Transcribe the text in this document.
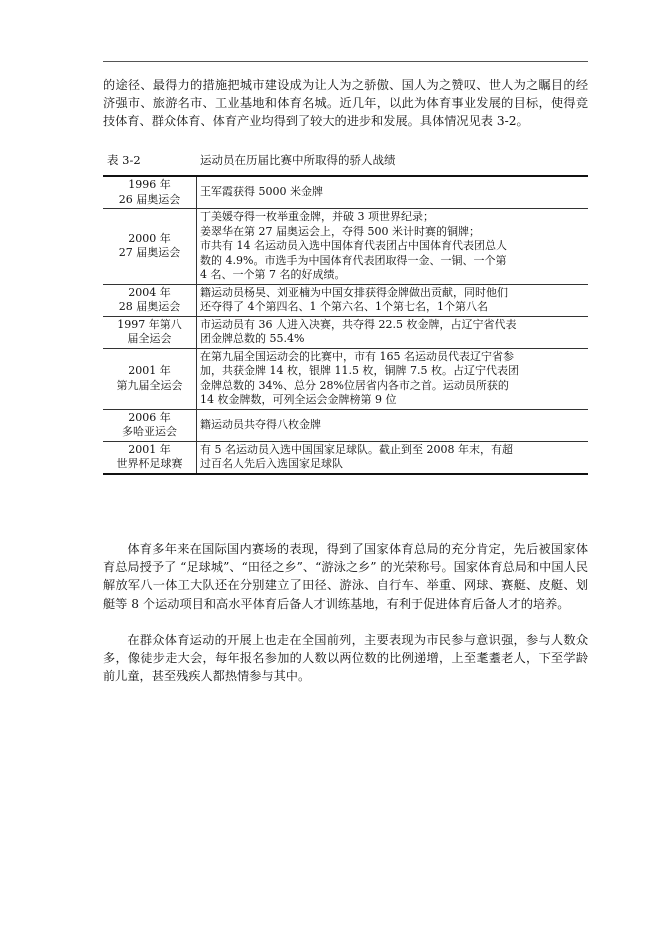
的途径、最得力的措施把城市建设成为让人为之骄傲、国人为之赞叹、世人为之瞩目的经济强市、旅游名市、工业基地和体育名城。近几年，以此为体育事业发展的目标，使得竞技体育、群众体育、体育产业均得到了较大的进步和发展。具体情况见表 3-2。
表 3-2	运动员在历届比赛中所取得的骄人战绩
1996 年
26 届奥运会	王军霞获得 5000 米金牌

2000 年
27 届奥运会	丁美媛夺得一枚举重金牌，并破 3 项世界纪录；
姜翠华在第 27 届奥运会上，夺得 500 米计时赛的铜牌；
市共有 14 名运动员入选中国体育代表团占中国体育代表团总人
数的 4.9%。市选手为中国体育代表团取得一金、一铜、一个第
4 名、一个第 7 名的好成绩。

2004 年
28 届奥运会	籍运动员杨昊、刘亚楠为中国女排获得金牌做出贡献，同时他们
还夺得了 4个第四名、1 个第六名、1个第七名，1个第八名

1997 年第八
届全运会	市运动员有 36 人进入决赛，共夺得 22.5 枚金牌，占辽宁省代表
团金牌总数的 55.4%

2001 年
第九届全运会	在第九届全国运动会的比赛中，市有 165 名运动员代表辽宁省参
加，共获金牌 14 枚，银牌 11.5 枚，铜牌 7.5 枚。占辽宁代表团
金牌总数的 34%、总分 28%位居省内各市之首。运动员所获的
14 枚金牌数，可列全运会金牌榜第 9 位

2006 年
多哈亚运会	籍运动员共夺得八枚金牌

2001 年
世界杯足球赛	有 5 名运动员入选中国国家足球队。截止到至 2008 年末，有超
过百名人先后入选国家足球队
体育多年来在国际国内赛场的表现，得到了国家体育总局的充分肯定，先后被国家体育总局授予了 “足球城”、“田径之乡”、“游泳之乡” 的光荣称号。国家体育总局和中国人民解放军八一体工大队还在分别建立了田径、游泳、自行车、举重、网球、赛艇、皮艇、划艇等 8 个运动项目和高水平体育后备人才训练基地，有利于促进体育后备人才的培养。
在群众体育运动的开展上也走在全国前列，主要表现为市民参与意识强，参与人数众多，像徒步走大会，每年报名参加的人数以两位数的比例递增，上至耄耋老人，下至学龄前儿童，甚至残疾人都热情参与其中。
